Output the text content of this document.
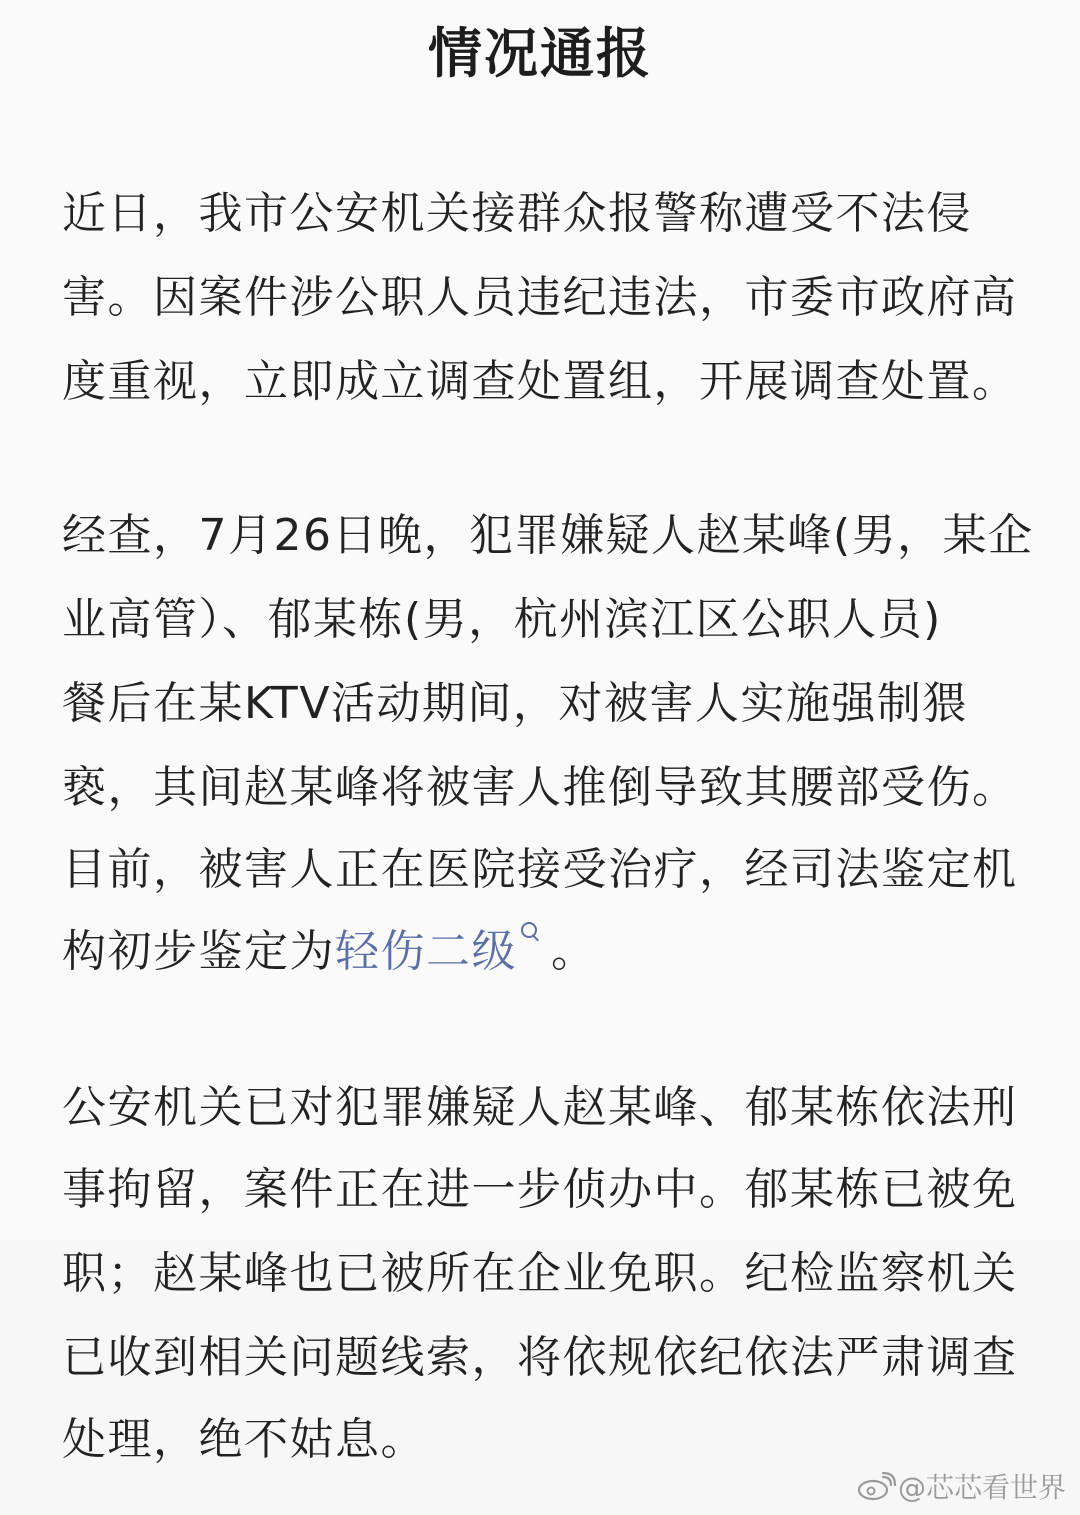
情况通报
近日，我市公安机关接群众报警称遭受不法侵
害。因案件涉公职人员违纪违法，市委市政府高
度重视，立即成立调查处置组，开展调查处置。
经查，7月26日晚，犯罪嫌疑人赵某峰(男，某企
业高管）、郁某栋(男，杭州滨江区公职人员)
餐后在某KTV活动期间，对被害人实施强制猥
亵，其间赵某峰将被害人推倒导致其腰部受伤。
目前，被害人正在医院接受治疗，经司法鉴定机
构初步鉴定为轻伤二级 。
公安机关已对犯罪嫌疑人赵某峰、郁某栋依法刑
事拘留，案件正在进一步侦办中。郁某栋已被免
职；赵某峰也已被所在企业免职。纪检监察机关
已收到相关问题线索，将依规依纪依法严肃调查
处理，绝不姑息。
@芯芯看世界
